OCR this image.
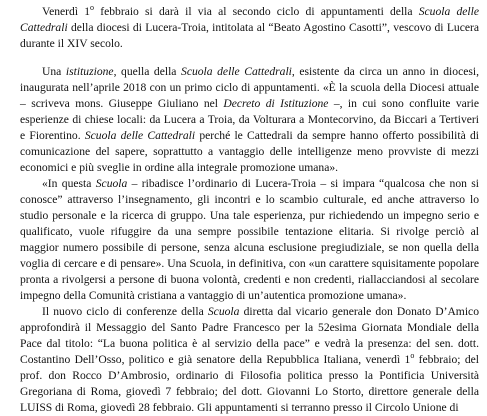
Venerdì 1$^o$ febbraio si darà il via al secondo ciclo di appuntamenti della Scuola delle Cattedrali della diocesi di Lucera-Troia, intitolata al “Beato Agostino Casotti”, vescovo di Lucera durante il XIV secolo.

Una istituzione, quella della Scuola delle Cattedrali, esistente da circa un anno in diocesi, inaugurata nell’aprile 2018 con un primo ciclo di appuntamenti. «È la scuola della Diocesi attuale – scriveva mons. Giuseppe Giuliano nel Decreto di Istituzione –, in cui sono confluite varie esperienze di chiese locali: da Lucera a Troia, da Volturara a Montecorvino, da Biccari a Tertiveri e Fiorentino. Scuola delle Cattedrali perché le Cattedrali da sempre hanno offerto possibilità di comunicazione del sapere, soprattutto a vantaggio delle intelligenze meno provviste di mezzi economici e più sveglie in ordine alla integrale promozione umana».

«In questa Scuola – ribadisce l’ordinario di Lucera-Troia – si impara “qualcosa che non si conosce” attraverso l’insegnamento, gli incontri e lo scambio culturale, ed anche attraverso lo studio personale e la ricerca di gruppo. Una tale esperienza, pur richiedendo un impegno serio e qualificato, vuole rifuggire da una sempre possibile tentazione elitaria. Si rivolge perciò al maggior numero possibile di persone, senza alcuna esclusione pregiudiziale, se non quella della voglia di cercare e di pensare». Una Scuola, in definitiva, con «un carattere squisitamente popolare pronta a rivolgersi a persone di buona volontà, credenti e non credenti, riallacciandosi al secolare impegno della Comunità cristiana a vantaggio di un’autentica promozione umana».

Il nuovo ciclo di conferenze della Scuola diretta dal vicario generale don Donato D’Amico approfondirà il Messaggio del Santo Padre Francesco per la 52esima Giornata Mondiale della Pace dal titolo: “La buona politica è al servizio della pace” e vedrà la presenza: del sen. dott. Costantino Dell’Osso, politico e già senatore della Repubblica Italiana, venerdì 1$^o$ febbraio; del prof. don Rocco D’Ambrosio, ordinario di Filosofia politica presso la Pontificia Università Gregoriana di Roma, giovedì 7 febbraio; del dott. Giovanni Lo Storto, direttore generale della LUISS di Roma, giovedì 28 febbraio. Gli appuntamenti si terranno presso il Circolo Unione di
